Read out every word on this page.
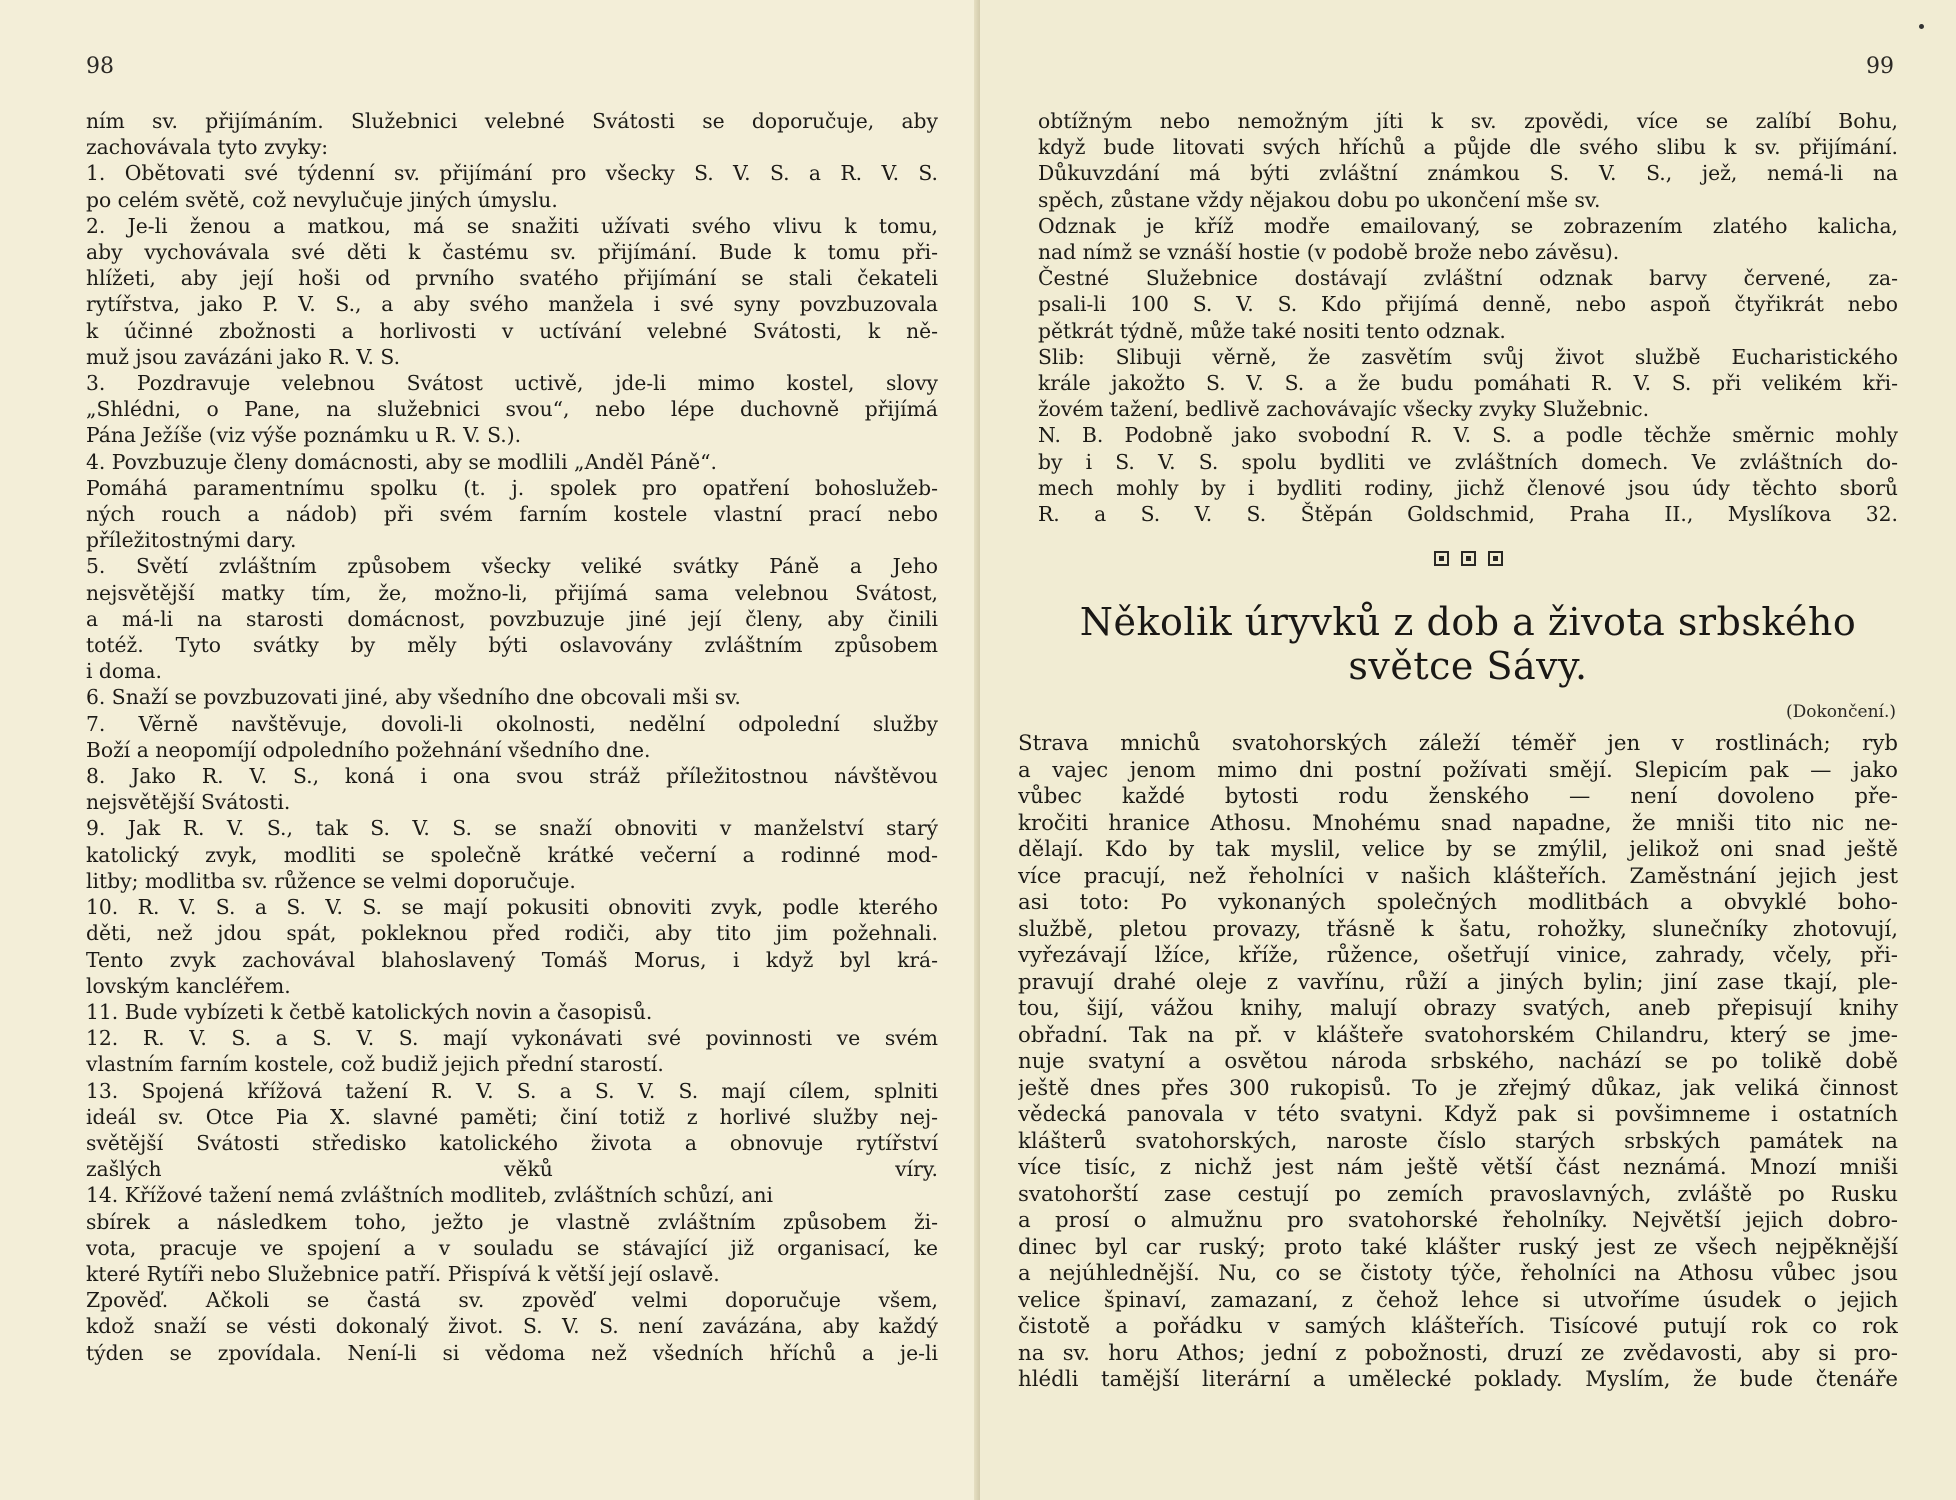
98
ním sv. přijímáním. Služebnici velebné Svátosti se doporučuje, aby
zachovávala tyto zvyky:
1. Obětovati své týdenní sv. přijímání pro všecky S. V. S. a R. V. S.
po celém světě, což nevylučuje jiných úmyslu.
2. Je-li ženou a matkou, má se snažiti užívati svého vlivu k tomu,
aby vychovávala své děti k častému sv. přijímání. Bude k tomu při-
hlížeti, aby její hoši od prvního svatého přijímání se stali čekateli
rytířstva, jako P. V. S., a aby svého manžela i své syny povzbuzovala
k účinné zbožnosti a horlivosti v uctívání velebné Svátosti, k ně-
muž jsou zavázáni jako R. V. S.
3. Pozdravuje velebnou Svátost uctivě, jde-li mimo kostel, slovy
„Shlédni, o Pane, na služebnici svou“, nebo lépe duchovně přijímá
Pána Ježíše (viz výše poznámku u R. V. S.).
4. Povzbuzuje členy domácnosti, aby se modlili „Anděl Páně“.
Pomáhá paramentnímu spolku (t. j. spolek pro opatření bohoslužeb-
ných rouch a nádob) při svém farním kostele vlastní prací nebo
příležitostnými dary.
5. Světí zvláštním způsobem všecky veliké svátky Páně a Jeho
nejsvětější matky tím, že, možno-li, přijímá sama velebnou Svátost,
a má-li na starosti domácnost, povzbuzuje jiné její členy, aby činili
totéž. Tyto svátky by měly býti oslavovány zvláštním způsobem
i doma.
6. Snaží se povzbuzovati jiné, aby všedního dne obcovali mši sv.
7. Věrně navštěvuje, dovoli-li okolnosti, nedělní odpolední služby
Boží a neopomíjí odpoledního požehnání všedního dne.
8. Jako R. V. S., koná i ona svou stráž příležitostnou návštěvou
nejsvětější Svátosti.
9. Jak R. V. S., tak S. V. S. se snaží obnoviti v manželství starý
katolický zvyk, modliti se společně krátké večerní a rodinné mod-
litby; modlitba sv. růžence se velmi doporučuje.
10. R. V. S. a S. V. S. se mají pokusiti obnoviti zvyk, podle kterého
děti, než jdou spát, pokleknou před rodiči, aby tito jim požehnali.
Tento zvyk zachovával blahoslavený Tomáš Morus, i když byl krá-
lovským kancléřem.
11. Bude vybízeti k četbě katolických novin a časopisů.
12. R. V. S. a S. V. S. mají vykonávati své povinnosti ve svém
vlastním farním kostele, což budiž jejich přední starostí.
13. Spojená křížová tažení R. V. S. a S. V. S. mají cílem, splniti
ideál sv. Otce Pia X. slavné paměti; činí totiž z horlivé služby nej-
světější Svátosti středisko katolického života a obnovuje rytířství
zašlých věků víry.
14. Křížové tažení nemá zvláštních modliteb, zvláštních schůzí, ani
sbírek a následkem toho, ježto je vlastně zvláštním způsobem ži-
vota, pracuje ve spojení a v souladu se stávající již organisací, ke
které Rytíři nebo Služebnice patří. Přispívá k větší její oslavě.
Zpověď. Ačkoli se častá sv. zpověď velmi doporučuje všem,
kdož snaží se vésti dokonalý život. S. V. S. není zavázána, aby každý
týden se zpovídala. Není-li si vědoma než všedních hříchů a je-li
99
obtížným nebo nemožným jíti k sv. zpovědi, více se zalíbí Bohu,
když bude litovati svých hříchů a půjde dle svého slibu k sv. přijímání.
Důkuvzdání má býti zvláštní známkou S. V. S., jež, nemá-li na
spěch, zůstane vždy nějakou dobu po ukončení mše sv.
Odznak je kříž modře emailovaný, se zobrazením zlatého kalicha,
nad nímž se vznáší hostie (v podobě brože nebo závěsu).
Čestné Služebnice dostávají zvláštní odznak barvy červené, za-
psali-li 100 S. V. S. Kdo přijímá denně, nebo aspoň čtyřikrát nebo
pětkrát týdně, může také nositi tento odznak.
Slib: Slibuji věrně, že zasvětím svůj život službě Eucharistického
krále jakožto S. V. S. a že budu pomáhati R. V. S. při velikém kři-
žovém tažení, bedlivě zachovávajíc všecky zvyky Služebnic.
N. B. Podobně jako svobodní R. V. S. a podle těchže směrnic mohly
by i S. V. S. spolu bydliti ve zvláštních domech. Ve zvláštních do-
mech mohly by i bydliti rodiny, jichž členové jsou údy těchto sborů
R. a S. V. S. Štěpán Goldschmid, Praha II., Myslíkova 32.
Několik úryvků z dob a života srbského
světce Sávy.
(Dokončení.)
Strava mnichů svatohorských záleží téměř jen v rostlinách; ryb
a vajec jenom mimo dni postní požívati smějí. Slepicím pak — jako
vůbec každé bytosti rodu ženského — není dovoleno pře-
kročiti hranice Athosu. Mnohému snad napadne, že mniši tito nic ne-
dělají. Kdo by tak myslil, velice by se zmýlil, jelikož oni snad ještě
více pracují, než řeholníci v našich klášteřích. Zaměstnání jejich jest
asi toto: Po vykonaných společných modlitbách a obvyklé boho-
službě, pletou provazy, třásně k šatu, rohožky, slunečníky zhotovují,
vyřezávají lžíce, kříže, růžence, ošetřují vinice, zahrady, včely, při-
pravují drahé oleje z vavřínu, růží a jiných bylin; jiní zase tkají, ple-
tou, šijí, vážou knihy, malují obrazy svatých, aneb přepisují knihy
obřadní. Tak na př. v klášteře svatohorském Chilandru, který se jme-
nuje svatyní a osvětou národa srbského, nachází se po tolikě době
ještě dnes přes 300 rukopisů. To je zřejmý důkaz, jak veliká činnost
vědecká panovala v této svatyni. Když pak si povšimneme i ostatních
klášterů svatohorských, naroste číslo starých srbských památek na
více tisíc, z nichž jest nám ještě větší část neznámá. Mnozí mniši
svatohorští zase cestují po zemích pravoslavných, zvláště po Rusku
a prosí o almužnu pro svatohorské řeholníky. Největší jejich dobro-
dinec byl car ruský; proto také klášter ruský jest ze všech nejpěknější
a nejúhlednější. Nu, co se čistoty týče, řeholníci na Athosu vůbec jsou
velice špinaví, zamazaní, z čehož lehce si utvoříme úsudek o jejich
čistotě a pořádku v samých klášteřích. Tisícové putují rok co rok
na sv. horu Athos; jední z pobožnosti, druzí ze zvědavosti, aby si pro-
hlédli tamější literární a umělecké poklady. Myslím, že bude čtenáře
